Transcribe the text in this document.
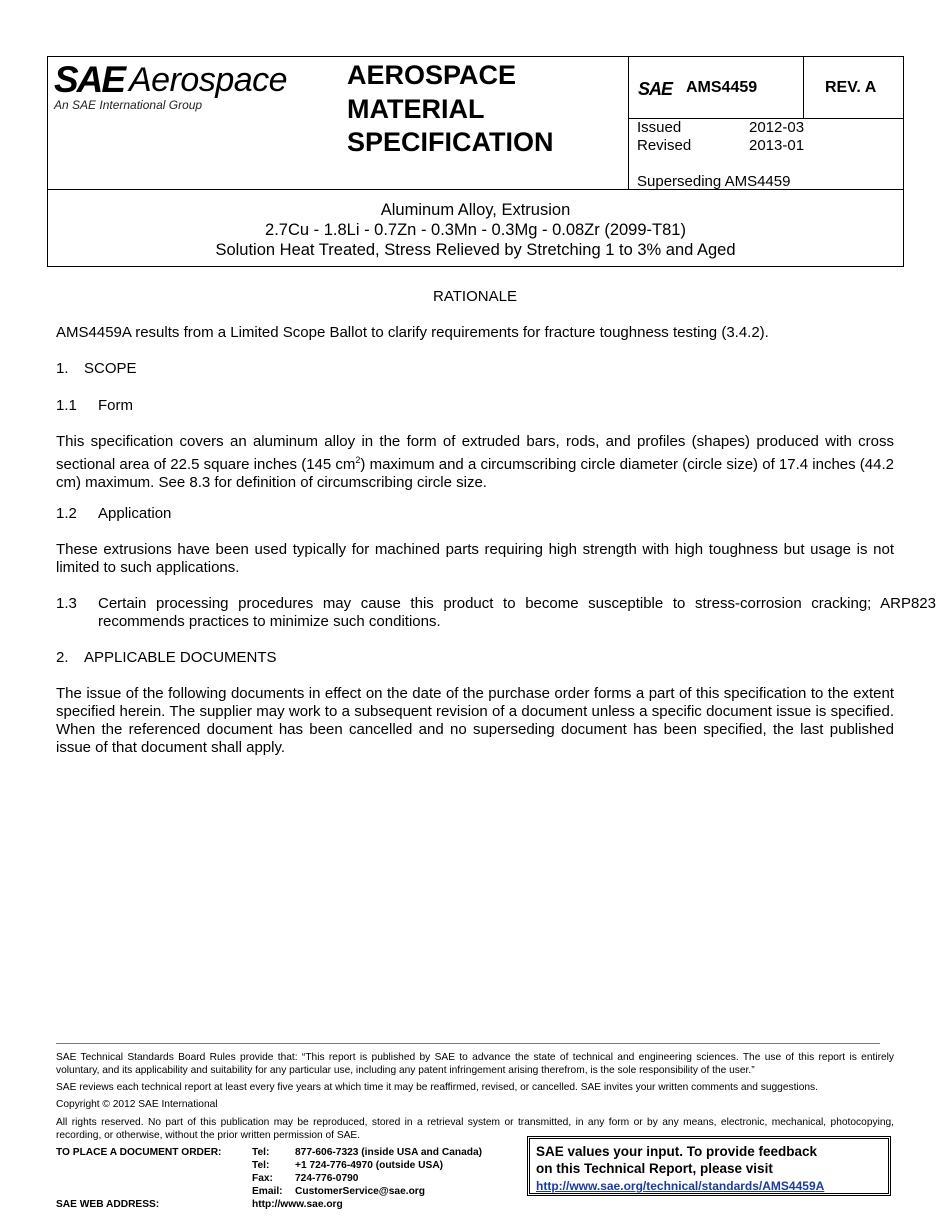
SAE Aerospace
An SAE International Group
AEROSPACE
MATERIAL
SPECIFICATION
SAE AMS4459	REV. A
Issued	2012-03
Revised	2013-01
Superseding AMS4459
Aluminum Alloy, Extrusion
2.7Cu - 1.8Li - 0.7Zn - 0.3Mn - 0.3Mg - 0.08Zr (2099-T81)
Solution Heat Treated, Stress Relieved by Stretching 1 to 3% and Aged
RATIONALE
AMS4459A results from a Limited Scope Ballot to clarify requirements for fracture toughness testing (3.4.2).
1. SCOPE
1.1 Form
This specification covers an aluminum alloy in the form of extruded bars, rods, and profiles (shapes) produced with cross sectional area of 22.5 square inches (145 $cm^2$) maximum and a circumscribing circle diameter (circle size) of 17.4 inches (44.2 cm) maximum. See 8.3 for definition of circumscribing circle size.
1.2 Application
These extrusions have been used typically for machined parts requiring high strength with high toughness but usage is not limited to such applications.
1.3 Certain processing procedures may cause this product to become susceptible to stress-corrosion cracking; ARP823 recommends practices to minimize such conditions.
2. APPLICABLE DOCUMENTS
The issue of the following documents in effect on the date of the purchase order forms a part of this specification to the extent specified herein. The supplier may work to a subsequent revision of a document unless a specific document issue is specified. When the referenced document has been cancelled and no superseding document has been specified, the last published issue of that document shall apply.
SAE Technical Standards Board Rules provide that: “This report is published by SAE to advance the state of technical and engineering sciences. The use of this report is entirely voluntary, and its applicability and suitability for any particular use, including any patent infringement arising therefrom, is the sole responsibility of the user.”
SAE reviews each technical report at least every five years at which time it may be reaffirmed, revised, or cancelled. SAE invites your written comments and suggestions.
Copyright © 2012 SAE International
All rights reserved. No part of this publication may be reproduced, stored in a retrieval system or transmitted, in any form or by any means, electronic, mechanical, photocopying, recording, or otherwise, without the prior written permission of SAE.
TO PLACE A DOCUMENT ORDER:	Tel:	877-606-7323 (inside USA and Canada)
Tel:	+1 724-776-4970 (outside USA)
Fax: 724-776-0790
Email: CustomerService@sae.org
SAE WEB ADDRESS:	http://www.sae.org
SAE values your input. To provide feedback
on this Technical Report, please visit
http://www.sae.org/technical/standards/AMS4459A
